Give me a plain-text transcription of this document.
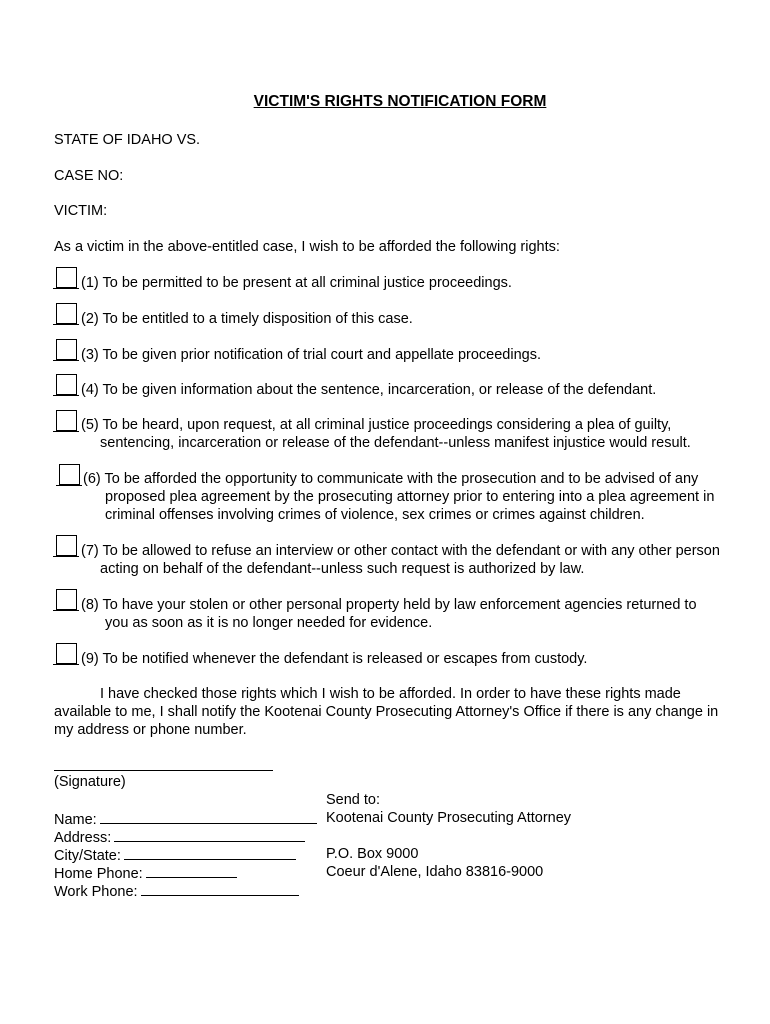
VICTIM'S RIGHTS NOTIFICATION FORM
STATE OF IDAHO VS.
CASE NO:
VICTIM:
As a victim in the above-entitled case, I wish to be afforded the following rights:
(1) To be permitted to be present at all criminal justice proceedings.
(2) To be entitled to a timely disposition of this case.
(3) To be given prior notification of trial court and appellate proceedings.
(4) To be given information about the sentence, incarceration, or release of the defendant.
(5) To be heard, upon request, at all criminal justice proceedings considering a plea of guilty,
sentencing, incarceration or release of the defendant--unless manifest injustice would result.
(6) To be afforded the opportunity to communicate with the prosecution and to be advised of any
proposed plea agreement by the prosecuting attorney prior to entering into a plea agreement in
criminal offenses involving crimes of violence, sex crimes or crimes against children.
(7) To be allowed to refuse an interview or other contact with the defendant or with any other person
acting on behalf of the defendant--unless such request is authorized by law.
(8) To have your stolen or other personal property held by law enforcement agencies returned to
you as soon as it is no longer needed for evidence.
(9) To be notified whenever the defendant is released or escapes from custody.
I have checked those rights which I wish to be afforded. In order to have these rights made
available to me, I shall notify the Kootenai County Prosecuting Attorney's Office if there is any change in
my address or phone number.
(Signature)
Name:
Address:
City/State:
Home Phone:
Work Phone:
Send to:
Kootenai County Prosecuting Attorney
P.O. Box 9000
Coeur d'Alene, Idaho 83816-9000
